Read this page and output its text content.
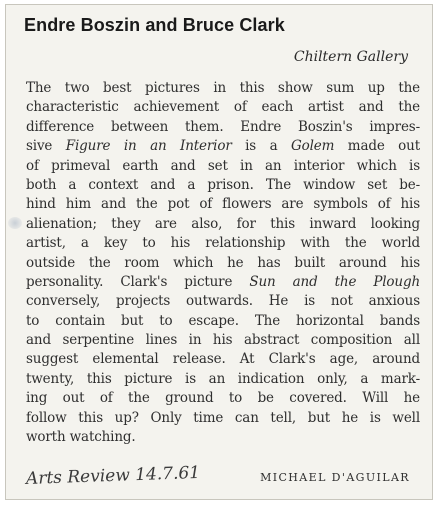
Endre Boszin and Bruce Clark

Chiltern Gallery

The two best pictures in this show sum up the
characteristic achievement of each artist and the
difference between them. Endre Boszin's impres-
sive Figure in an Interior is a Golem made out
of primeval earth and set in an interior which is
both a context and a prison. The window set be-
hind him and the pot of flowers are symbols of his
alienation; they are also, for this inward looking
artist, a key to his relationship with the world
outside the room which he has built around his
personality. Clark's picture Sun and the Plough
conversely, projects outwards. He is not anxious
to contain but to escape. The horizontal bands
and serpentine lines in his abstract composition all
suggest elemental release. At Clark's age, around
twenty, this picture is an indication only, a mark-
ing out of the ground to be covered. Will he
follow this up? Only time can tell, but he is well
worth watching.
Arts Review 14.7.61	MICHAEL D'AGUILAR
